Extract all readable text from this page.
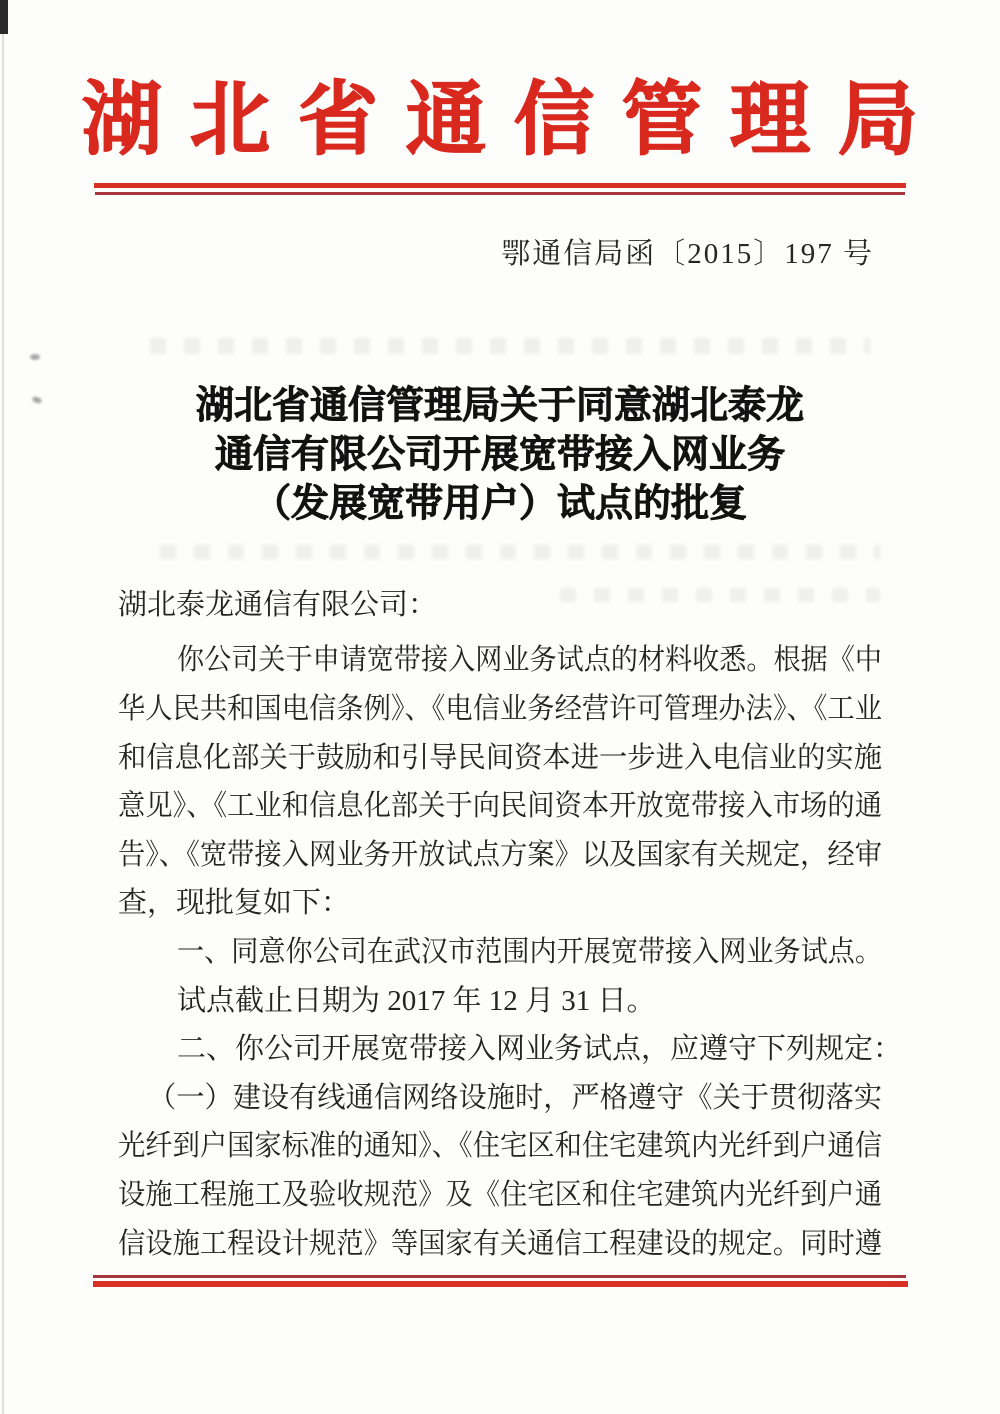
湖北省通信管理局
鄂通信局函〔2015〕197 号
湖北省通信管理局关于同意湖北泰龙
通信有限公司开展宽带接入网业务
（发展宽带用户）试点的批复
湖北泰龙通信有限公司：
你公司关于申请宽带接入网业务试点的材料收悉。根据《中
华人民共和国电信条例》、《电信业务经营许可管理办法》、《工业
和信息化部关于鼓励和引导民间资本进一步进入电信业的实施
意见》、《工业和信息化部关于向民间资本开放宽带接入市场的通
告》、《宽带接入网业务开放试点方案》以及国家有关规定，经审
查，现批复如下：
一、同意你公司在武汉市范围内开展宽带接入网业务试点。
试点截止日期为 2017 年 12 月 31 日。
二、你公司开展宽带接入网业务试点，应遵守下列规定：
（一）建设有线通信网络设施时，严格遵守《关于贯彻落实
光纤到户国家标准的通知》、《住宅区和住宅建筑内光纤到户通信
设施工程施工及验收规范》及《住宅区和住宅建筑内光纤到户通
信设施工程设计规范》等国家有关通信工程建设的规定。同时遵
